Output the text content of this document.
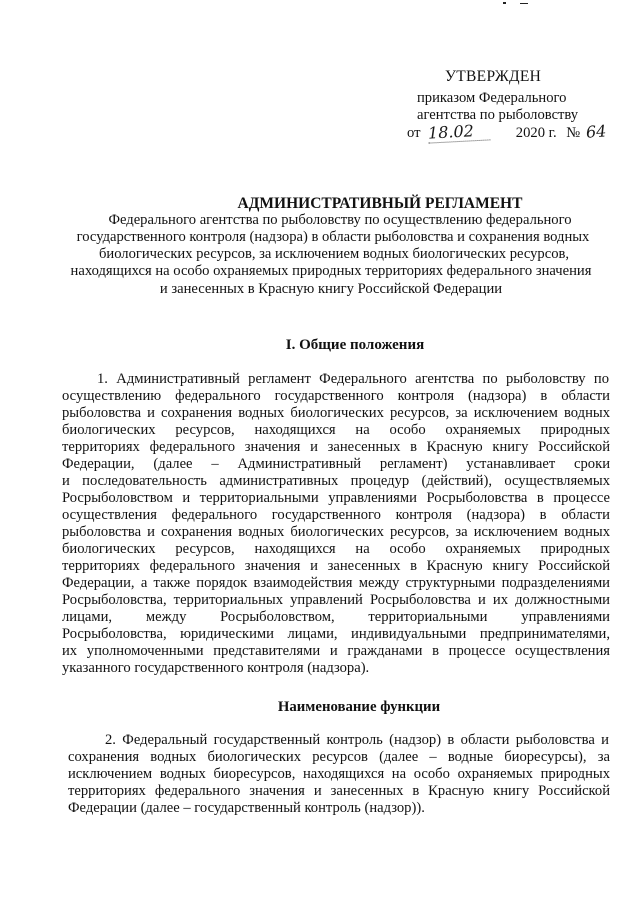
УТВЕРЖДЕН
приказом Федерального
агентства по рыболовству
от 18.02	2020 г. № 64
АДМИНИСТРАТИВНЫЙ РЕГЛАМЕНТ
Федерального агентства по рыболовству по осуществлению федерального
государственного контроля (надзора) в области рыболовства и сохранения водных
биологических ресурсов, за исключением водных биологических ресурсов,
находящихся на особо охраняемых природных территориях федерального значения
и занесенных в Красную книгу Российской Федерации
I. Общие положения
1. Административный регламент Федерального агентства по рыболовству по
осуществлению федерального государственного контроля (надзора) в области
рыболовства и сохранения водных биологических ресурсов, за исключением водных
биологических ресурсов, находящихся на особо охраняемых природных
территориях федерального значения и занесенных в Красную книгу Российской
Федерации, (далее – Административный регламент) устанавливает сроки
и последовательность административных процедур (действий), осуществляемых
Росрыболовством и территориальными управлениями Росрыболовства в процессе
осуществления федерального государственного контроля (надзора) в области
рыболовства и сохранения водных биологических ресурсов, за исключением водных
биологических ресурсов, находящихся на особо охраняемых природных
территориях федерального значения и занесенных в Красную книгу Российской
Федерации, а также порядок взаимодействия между структурными подразделениями
Росрыболовства, территориальных управлений Росрыболовства и их должностными
лицами, между Росрыболовством, территориальными управлениями
Росрыболовства, юридическими лицами, индивидуальными предпринимателями,
их уполномоченными представителями и гражданами в процессе осуществления
указанного государственного контроля (надзора).
Наименование функции
2. Федеральный государственный контроль (надзор) в области рыболовства и
сохранения водных биологических ресурсов (далее – водные биоресурсы), за
исключением водных биоресурсов, находящихся на особо охраняемых природных
территориях федерального значения и занесенных в Красную книгу Российской
Федерации (далее – государственный контроль (надзор)).
